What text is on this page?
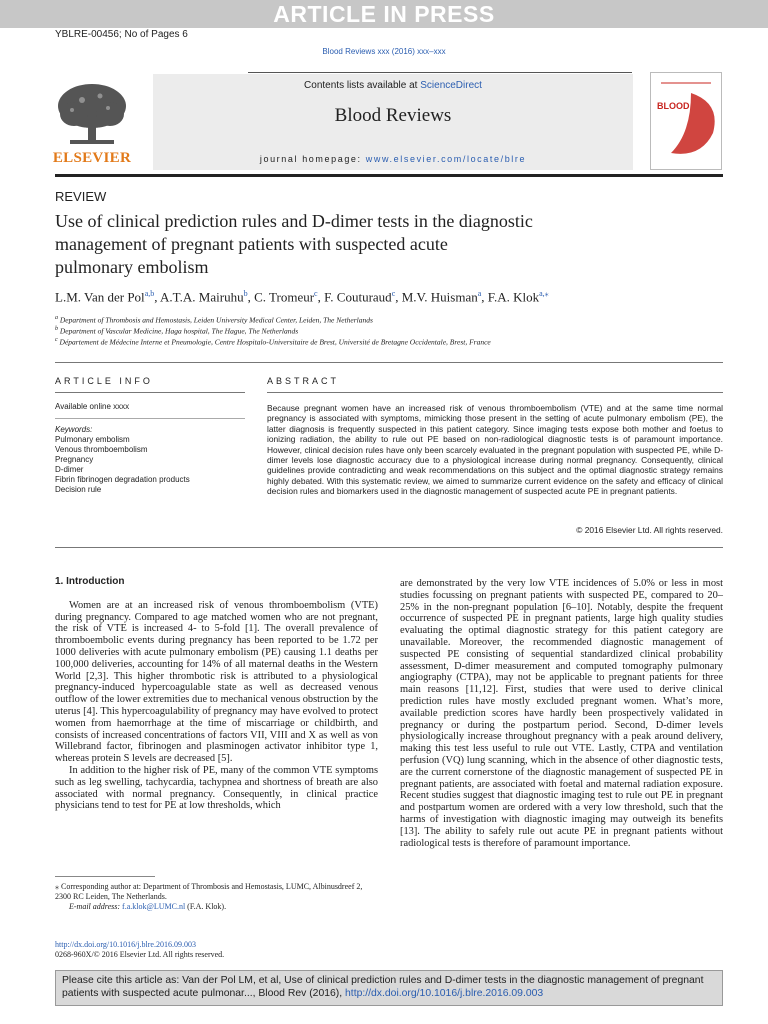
ARTICLE IN PRESS
YBLRE-00456; No of Pages 6
Blood Reviews xxx (2016) xxx–xxx
ELSEVIER
Contents lists available at ScienceDirect
Blood Reviews
journal homepage: www.elsevier.com/locate/blre
BLOOD
REVIEW
Use of clinical prediction rules and D-dimer tests in the diagnostic
management of pregnant patients with suspected acute
pulmonary embolism
L.M. Van der Pol$^{a,b}$, A.T.A. Mairuhu$^b$, C. Tromeur$^c$, F. Couturaud$^c$, M.V. Huisman$^a$, F.A. Klok$^{a,⁎}$
$^a$ Department of Thrombosis and Hemostasis, Leiden University Medical Center, Leiden, The Netherlands
$^b$ Department of Vascular Medicine, Haga hospital, The Hague, The Netherlands
$^c$ Département de Médecine Interne et Pneumologie, Centre Hospitalo-Universitaire de Brest, Université de Bretagne Occidentale, Brest, France
ARTICLE INFO	ABSTRACT
Available online xxxx
Keywords:
Pulmonary embolism
Venous thromboembolism
Pregnancy
D-dimer
Fibrin fibrinogen degradation products
Decision rule
Because pregnant women have an increased risk of venous thromboembolism (VTE) and at the same time normal pregnancy is associated with symptoms, mimicking those present in the setting of acute pulmonary embolism (PE), the latter diagnosis is frequently suspected in this patient category. Since imaging tests expose both mother and foetus to ionizing radiation, the ability to rule out PE based on non-radiological diagnostic tests is of paramount importance. However, clinical decision rules have only been scarcely evaluated in the pregnant population with suspected PE, while D-dimer levels lose diagnostic accuracy due to a physiological increase during normal pregnancy. Consequently, clinical guidelines provide contradicting and weak recommendations on this subject and the optimal diagnostic strategy remains highly debated. With this systematic review, we aimed to summarize current evidence on the safety and efficacy of clinical decision rules and biomarkers used in the diagnostic management of suspected acute PE in pregnant patients.
© 2016 Elsevier Ltd. All rights reserved.

1. Introduction

Women are at an increased risk of venous thromboembolism (VTE) during pregnancy. Compared to age matched women who are not pregnant, the risk of VTE is increased 4- to 5-fold [1]. The overall prevalence of thromboembolic events during pregnancy has been reported to be 1.72 per 1000 deliveries with acute pulmonary embolism (PE) causing 1.1 deaths per 100,000 deliveries, accounting for 14% of all maternal deaths in the Western World [2,3]. This higher thrombotic risk is attributed to a physiological pregnancy-induced hypercoagulable state as well as decreased venous outflow of the lower extremities due to mechanical venous obstruction by the uterus [4]. This hypercoagulability of pregnancy may have evolved to protect women from haemorrhage at the time of miscarriage or childbirth, and consists of increased concentrations of factors VII, VIII and X as well as von Willebrand factor, fibrinogen and plasminogen activator inhibitor type 1, whereas protein S levels are decreased [5].

In addition to the higher risk of PE, many of the common VTE symptoms such as leg swelling, tachycardia, tachypnea and shortness of breath are also associated with normal pregnancy. Consequently, in clinical practice physicians tend to test for PE at low thresholds, which

are demonstrated by the very low VTE incidences of 5.0% or less in most studies focussing on pregnant patients with suspected PE, compared to 20–25% in the non-pregnant population [6–10]. Notably, despite the frequent occurrence of suspected PE in pregnant patients, large high quality studies evaluating the optimal diagnostic strategy for this patient category are unavailable. Moreover, the recommended diagnostic management of suspected PE consisting of sequential standardized clinical probability assessment, D-dimer measurement and computed tomography pulmonary angiography (CTPA), may not be applicable to pregnant patients for three main reasons [11,12]. First, studies that were used to derive clinical prediction rules have mostly excluded pregnant women. What’s more, available prediction scores have hardly been prospectively validated in pregnancy or during the postpartum period. Second, D-dimer levels physiologically increase throughout pregnancy with a peak around delivery, making this test less useful to rule out VTE. Lastly, CTPA and ventilation perfusion (VQ) lung scanning, which in the absence of other diagnostic tests, are the current cornerstone of the diagnostic management of suspected PE in pregnant patients, are associated with foetal and maternal radiation exposure. Recent studies suggest that diagnostic imaging test to rule out PE in pregnant and postpartum women are ordered with a very low threshold, such that the harms of investigation with diagnostic imaging may outweigh its benefits [13]. The ability to safely rule out acute PE in pregnant patients without radiological tests is therefore of paramount importance.

⁎ Corresponding author at: Department of Thrombosis and Hemostasis, LUMC, Albinusdreef 2, 2300 RC Leiden, The Netherlands.
E-mail address: f.a.klok@LUMC.nl (F.A. Klok).
http://dx.doi.org/10.1016/j.blre.2016.09.003
0268-960X/© 2016 Elsevier Ltd. All rights reserved.
Please cite this article as: Van der Pol LM, et al, Use of clinical prediction rules and D-dimer tests in the diagnostic management of pregnant patients with suspected acute pulmonar..., Blood Rev (2016), http://dx.doi.org/10.1016/j.blre.2016.09.003
